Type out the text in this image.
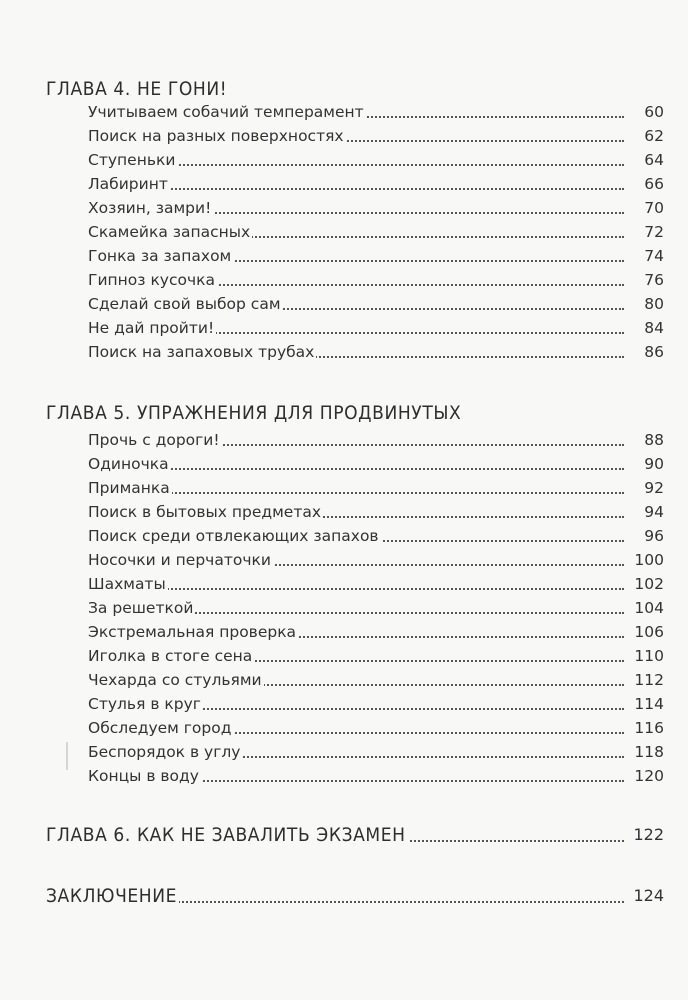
ГЛАВА 4. НЕ ГОНИ!
Учитываем собачий темперамент	60
Поиск на разных поверхностях	62
Ступеньки	64
Лабиринт	66
Хозяин, замри!	70
Скамейка запасных	72
Гонка за запахом	74
Гипноз кусочка	76
Сделай свой выбор сам	80
Не дай пройти!	84
Поиск на запаховых трубах	86
ГЛАВА 5. УПРАЖНЕНИЯ ДЛЯ ПРОДВИНУТЫХ
Прочь с дороги!	88
Одиночка	90
Приманка	92
Поиск в бытовых предметах	94
Поиск среди отвлекающих запахов	96
Носочки и перчаточки	100
Шахматы	102
За решеткой	104
Экстремальная проверка	106
Иголка в стоге сена	110
Чехарда со стульями	112
Стулья в круг	114
Обследуем город	116
Беспорядок в углу	118
Концы в воду	120
ГЛАВА 6. КАК НЕ ЗАВАЛИТЬ ЭКЗАМЕН	122
ЗАКЛЮЧЕНИЕ	124
